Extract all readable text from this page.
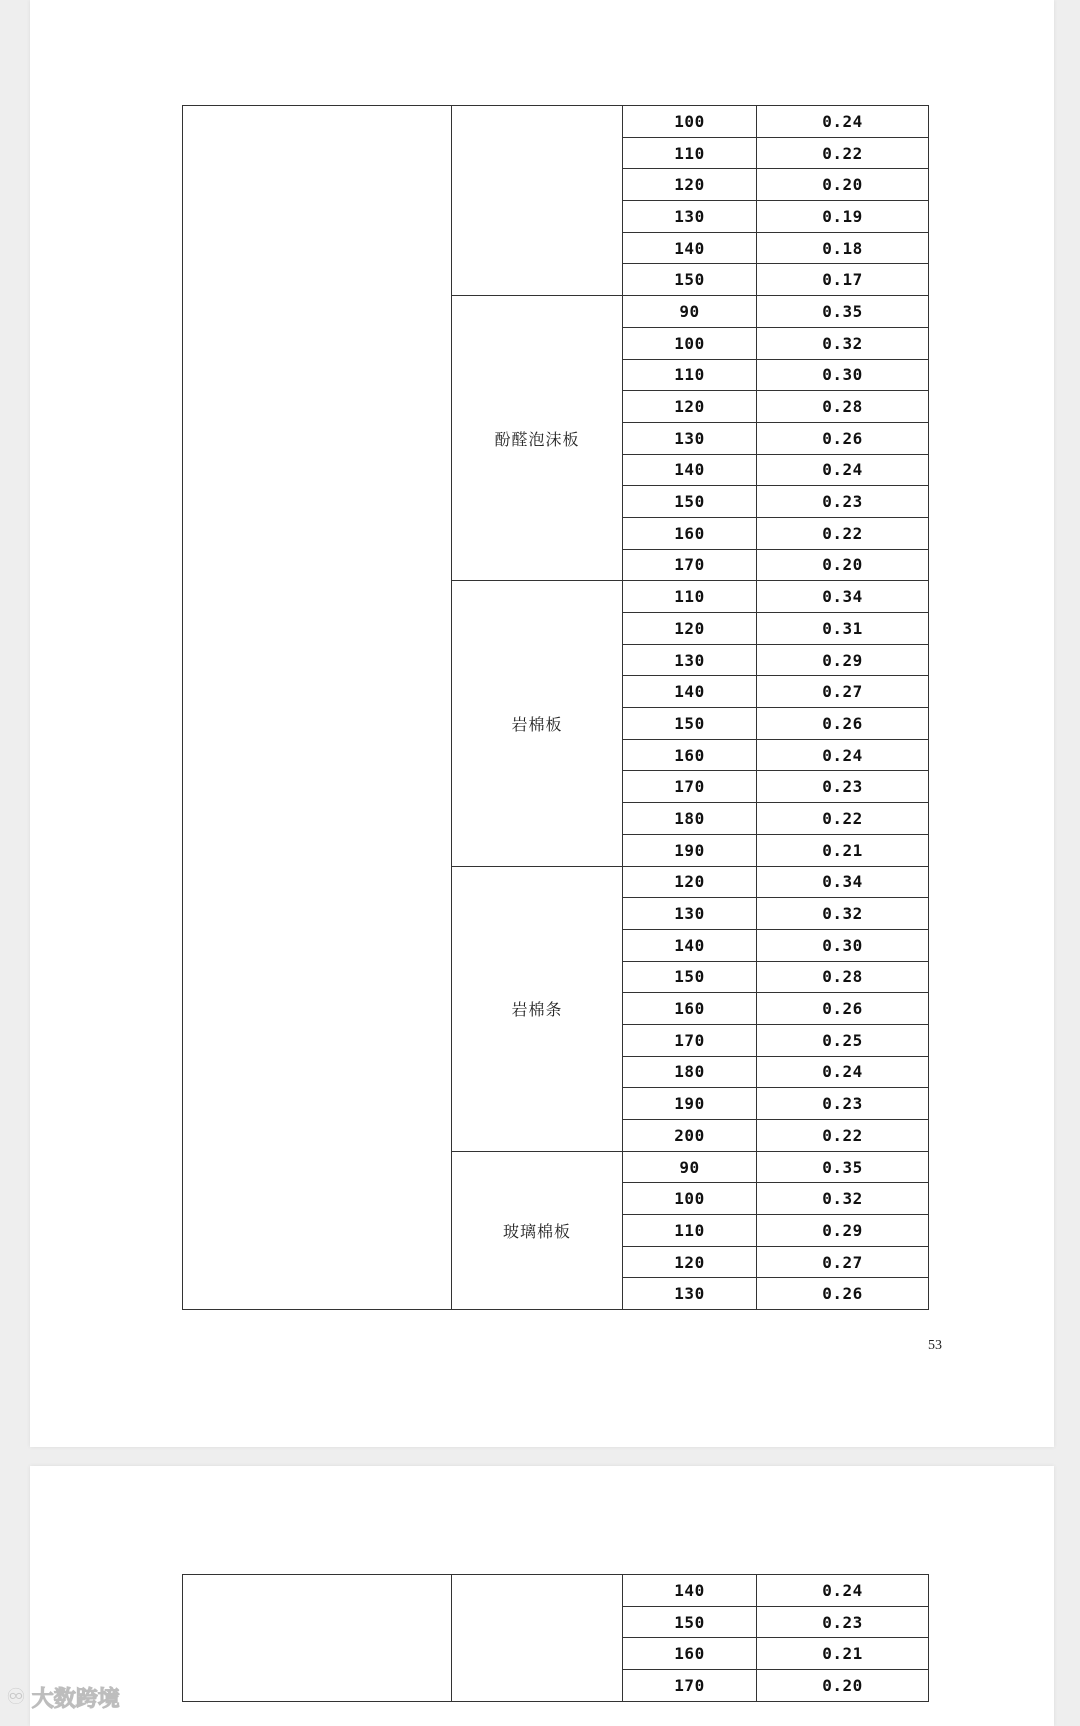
		100	0.24
		110	0.22
		120	0.20
		130	0.19
		140	0.18
		150	0.17
	酚醛泡沫板	90	0.35
		100	0.32
		110	0.30
		120	0.28
		130	0.26
		140	0.24
		150	0.23
		160	0.22
		170	0.20
	岩棉板	110	0.34
		120	0.31
		130	0.29
		140	0.27
		150	0.26
		160	0.24
		170	0.23
		180	0.22
		190	0.21
	岩棉条	120	0.34
		130	0.32
		140	0.30
		150	0.28
		160	0.26
		170	0.25
		180	0.24
		190	0.23
		200	0.22
	玻璃棉板	90	0.35
		100	0.32
		110	0.29
		120	0.27
		130	0.26
53
		140	0.24
		150	0.23
		160	0.21
		170	0.20
♾ 大数跨境
